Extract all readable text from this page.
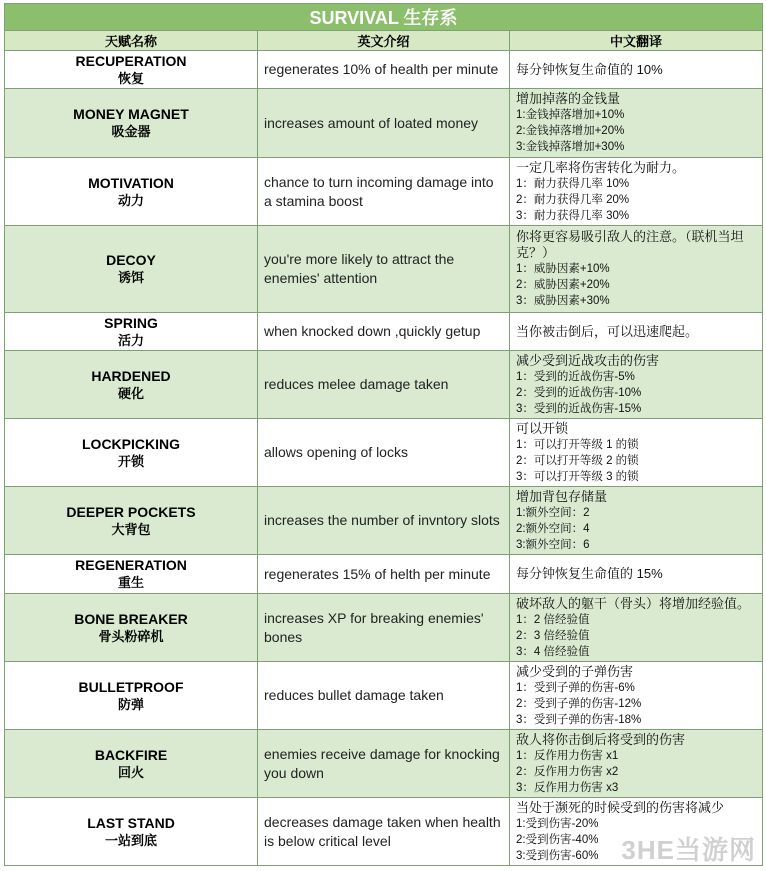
SURVIVAL 生存系		
天赋名称	英文介绍	中文翻译

RECUPERATION
恢复	regenerates 10% of health per minute	每分钟恢复生命值的 10%

MONEY MAGNET
吸金器	increases amount of loated money	增加掉落的金钱量
1:金钱掉落增加+10%
2:金钱掉落增加+20%
3:金钱掉落增加+30%

MOTIVATION
动力	chance to turn incoming damage into a stamina boost	一定几率将伤害转化为耐力。
1：耐力获得几率 10%
2：耐力获得几率 20%
3：耐力获得几率 30%

DECOY
诱饵	you're more likely to attract the enemies' attention	你将更容易吸引敌人的注意。（联机当坦克？）
1：威胁因素+10%
2：威胁因素+20%
3：威胁因素+30%

SPRING
活力	when knocked down ,quickly getup	当你被击倒后，可以迅速爬起。

HARDENED
硬化	reduces melee damage taken	减少受到近战攻击的伤害
1：受到的近战伤害-5%
2：受到的近战伤害-10%
3：受到的近战伤害-15%

LOCKPICKING
开锁	allows opening of locks	可以开锁
1：可以打开等级 1 的锁
2：可以打开等级 2 的锁
3：可以打开等级 3 的锁

DEEPER POCKETS
大背包	increases the number of invntory slots	增加背包存储量
1:额外空间：2
2:额外空间：4
3:额外空间：6

REGENERATION
重生	regenerates 15% of helth per minute	每分钟恢复生命值的 15%

BONE BREAKER
骨头粉碎机	increases XP for breaking enemies' bones	破坏敌人的躯干（骨头）将增加经验值。
1：2 倍经验值
2：3 倍经验值
3：4 倍经验值

BULLETPROOF
防弹	reduces bullet damage taken	减少受到的子弹伤害
1：受到子弹的伤害-6%
2：受到子弹的伤害-12%
3：受到子弹的伤害-18%

BACKFIRE
回火	enemies receive damage for knocking you down	敌人将你击倒后将受到的伤害
1：反作用力伤害 x1
2：反作用力伤害 x2
3：反作用力伤害 x3

LAST STAND
一站到底	decreases damage taken when health is below critical level	当处于濒死的时候受到的伤害将减少
1:受到伤害-20%
2:受到伤害-40%
3:受到伤害-60% 3HE当游网
